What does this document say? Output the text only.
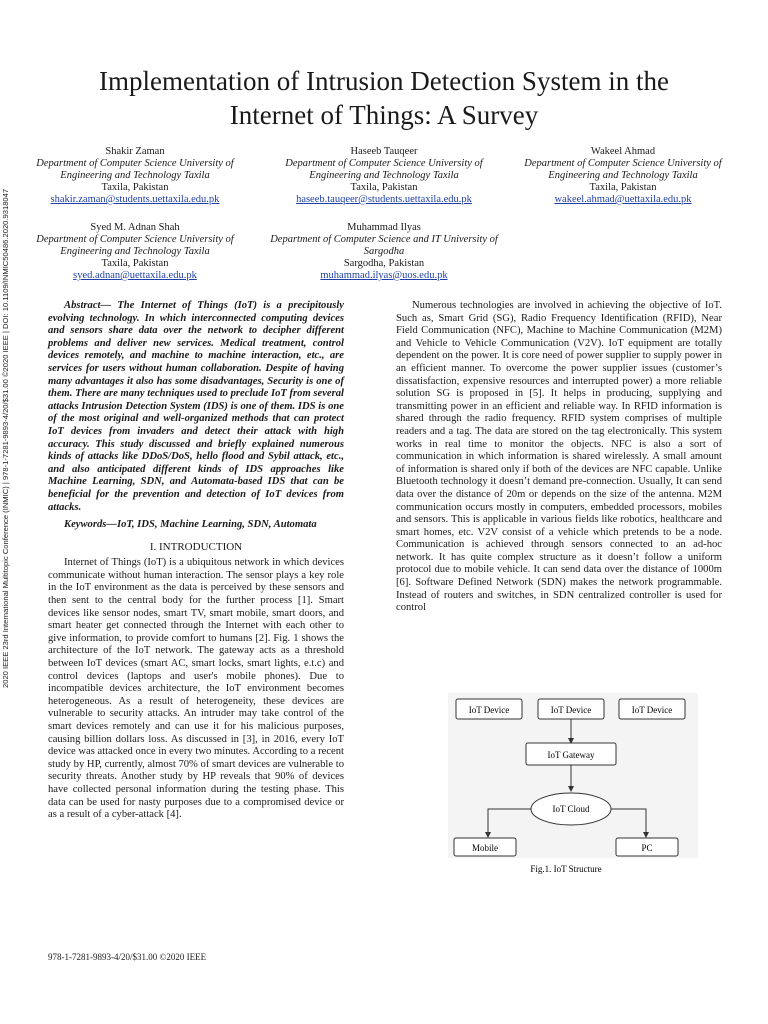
Implementation of Intrusion Detection System in the
Internet of Things: A Survey
Shakir Zaman
Department of Computer Science University of Engineering and Technology Taxila
Taxila, Pakistan
shakir.zaman@students.uettaxila.edu.pk
Haseeb Tauqeer
Department of Computer Science University of Engineering and Technology Taxila
Taxila, Pakistan
haseeb.tauqeer@students.uettaxila.edu.pk
Wakeel Ahmad
Department of Computer Science University of Engineering and Technology Taxila
Taxila, Pakistan
wakeel.ahmad@uettaxila.edu.pk
Syed M. Adnan Shah
Department of Computer Science University of Engineering and Technology Taxila
Taxila, Pakistan
syed.adnan@uettaxila.edu.pk
Muhammad Ilyas
Department of Computer Science and IT University of Sargodha
Sargodha, Pakistan
muhammad.ilyas@uos.edu.pk
2020 IEEE 23rd International Multitopic Conference (INMIC) | 978-1-7281-9893-4/20/$31.00 ©2020 IEEE | DOI: 10.1109/INMIC50486.2020.9318047	Abstract— The Internet of Things (IoT) is a precipitously evolving technology. In which interconnected computing devices and sensors share data over the network to decipher different problems and deliver new services. Medical treatment, control devices remotely, and machine to machine interaction, etc., are services for users without human collaboration. Despite of having many advantages it also has some disadvantages, Security is one of them. There are many techniques used to preclude IoT from several attacks Intrusion Detection System (IDS) is one of them. IDS is one of the most original and well-organized methods that can protect IoT devices from invaders and detect their attack with high accuracy. This study discussed and briefly explained numerous kinds of attacks like DDoS/DoS, hello flood and Sybil attack, etc., and also anticipated different kinds of IDS approaches like Machine Learning, SDN, and Automata-based IDS that can be beneficial for the prevention and detection of IoT devices from attacks.

Keywords—IoT, IDS, Machine Learning, SDN, Automata

I. INTRODUCTION

Internet of Things (IoT) is a ubiquitous network in which devices communicate without human interaction. The sensor plays a key role in the IoT environment as the data is perceived by these sensors and then sent to the central body for the further process [1]. Smart devices like sensor nodes, smart TV, smart mobile, smart doors, and smart heater get connected through the Internet with each other to give information, to provide comfort to humans [2]. Fig. 1 shows the architecture of the IoT network. The gateway acts as a threshold between IoT devices (smart AC, smart locks, smart lights, e.t.c) and control devices (laptops and user's mobile phones). Due to incompatible devices architecture, the IoT environment becomes heterogeneous. As a result of heterogeneity, these devices are vulnerable to security attacks. An intruder may take control of the smart devices remotely and can use it for his malicious purposes, causing billion dollars loss. As discussed in [3], in 2016, every IoT device was attacked once in every two minutes. According to a recent study by HP, currently, almost 70% of smart devices are vulnerable to security threats. Another study by HP reveals that 90% of devices have collected personal information during the testing phase. This data can be used for nasty purposes due to a compromised device or as a result of a cyber-attack [4].

Numerous technologies are involved in achieving the objective of IoT. Such as, Smart Grid (SG), Radio Frequency Identification (RFID), Near Field Communication (NFC), Machine to Machine Communication (M2M) and Vehicle to Vehicle Communication (V2V). IoT equipment are totally dependent on the power. It is core need of power supplier to supply power in an efficient manner. To overcome the power supplier issues (customer’s dissatisfaction, expensive resources and interrupted power) a more reliable solution SG is proposed in [5]. It helps in producing, supplying and transmitting power in an efficient and reliable way. In RFID information is shared through the radio frequency. RFID system comprises of multiple readers and a tag. The data are stored on the tag electronically. This system works in real time to monitor the objects. NFC is also a sort of communication in which information is shared wirelessly. A small amount of information is shared only if both of the devices are NFC capable. Unlike Bluetooth technology it doesn’t demand pre-connection. Usually, It can send data over the distance of 20m or depends on the size of the antenna. M2M communication occurs mostly in computers, embedded processors, mobiles and sensors. This is applicable in various fields like robotics, healthcare and smart homes, etc. V2V consist of a vehicle which pretends to be a node. Communication is achieved through sensors connected to an ad-hoc network. It has quite complex structure as it doesn’t follow a uniform protocol due to mobile vehicle. It can send data over the distance of 1000m [6]. Software Defined Network (SDN) makes the network programmable. Instead of routers and switches, in SDN centralized controller is used for control

IoT Device	IoT Device	IoT Device
IoT Gateway
IoT Cloud
Mobile	PC
Fig.1. IoT Structure
978-1-7281-9893-4/20/$31.00 ©2020 IEEE
